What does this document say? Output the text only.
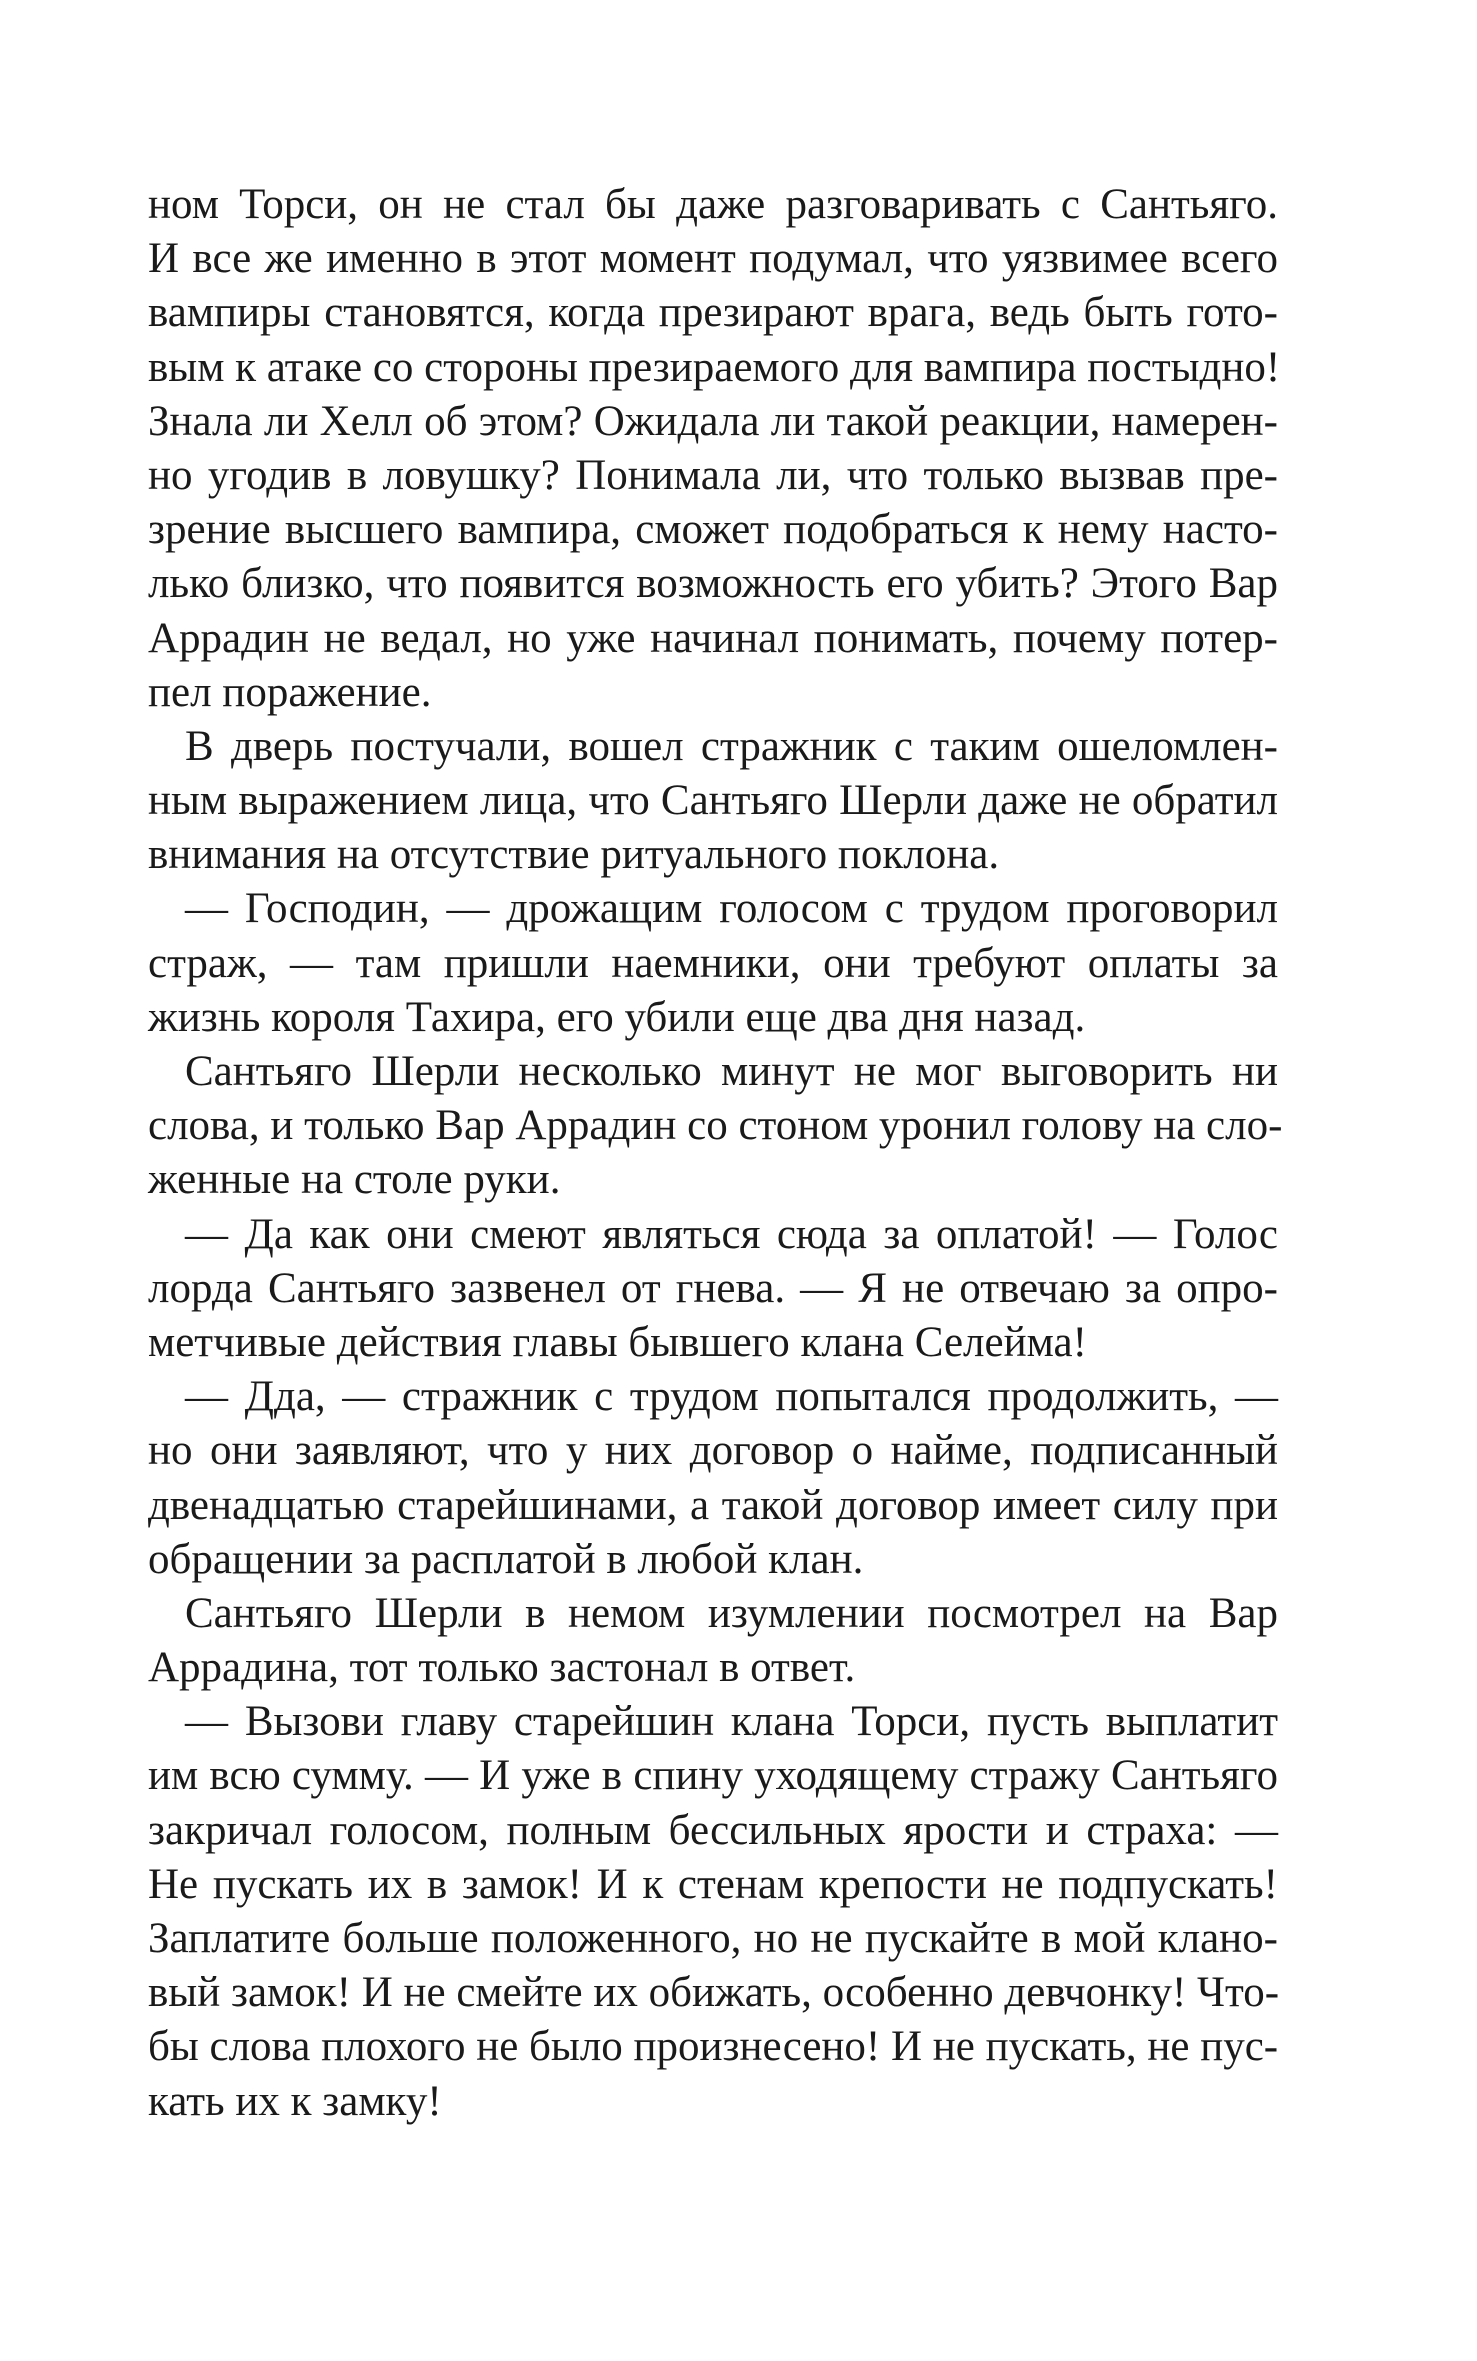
ном Торси, он не стал бы даже разговаривать с Сантьяго.
И все же именно в этот момент подумал, что уязвимее всего
вампиры становятся, когда презирают врага, ведь быть гото-
вым к атаке со стороны презираемого для вампира постыдно!
Знала ли Хелл об этом? Ожидала ли такой реакции, намерен-
но угодив в ловушку? Понимала ли, что только вызвав пре-
зрение высшего вампира, сможет подобраться к нему насто-
лько близко, что появится возможность его убить? Этого Вар
Аррадин не ведал, но уже начинал понимать, почему потер-
пел поражение.
В дверь постучали, вошел стражник с таким ошеломлен-
ным выражением лица, что Сантьяго Шерли даже не обратил
внимания на отсутствие ритуального поклона.
— Господин, — дрожащим голосом с трудом проговорил
страж, — там пришли наемники, они требуют оплаты за
жизнь короля Тахира, его убили еще два дня назад.
Сантьяго Шерли несколько минут не мог выговорить ни
слова, и только Вар Аррадин со стоном уронил голову на сло-
женные на столе руки.
— Да как они смеют являться сюда за оплатой! — Голос
лорда Сантьяго зазвенел от гнева. — Я не отвечаю за опро-
метчивые действия главы бывшего клана Селейма!
— Ддa, — стражник с трудом попытался продолжить, —
но они заявляют, что у них договор о найме, подписанный
двенадцатью старейшинами, а такой договор имеет силу при
обращении за расплатой в любой клан.
Сантьяго Шерли в немом изумлении посмотрел на Вар
Аррадина, тот только застонал в ответ.
— Вызови главу старейшин клана Торси, пусть выплатит
им всю сумму. — И уже в спину уходящему стражу Сантьяго
закричал голосом, полным бессильных ярости и страха: —
Не пускать их в замок! И к стенам крепости не подпускать!
Заплатите больше положенного, но не пускайте в мой клано-
вый замок! И не смейте их обижать, особенно девчонку! Что-
бы слова плохого не было произнесено! И не пускать, не пус-
кать их к замку!
